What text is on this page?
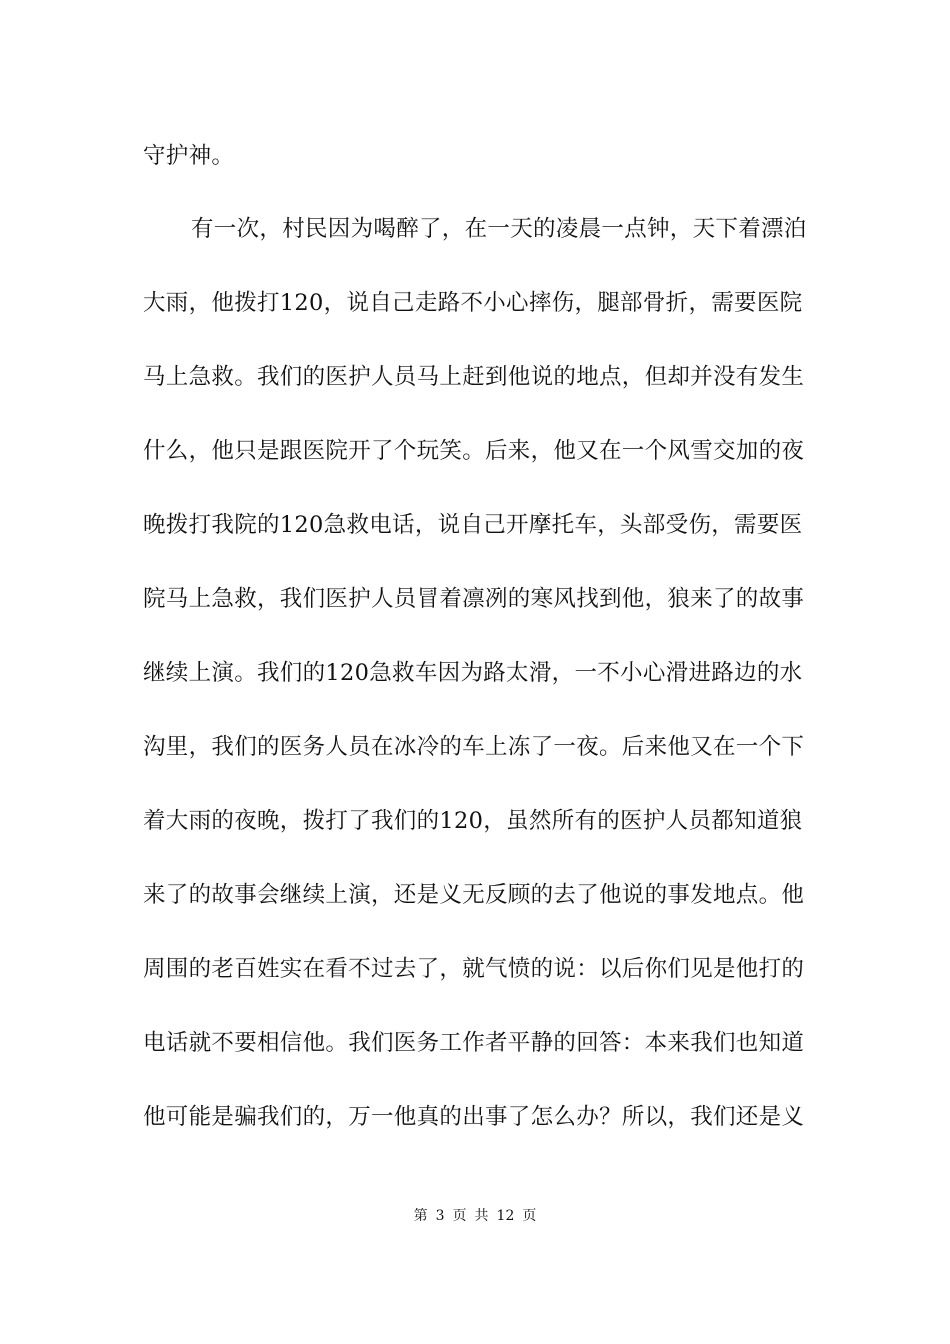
守护神。
有一次，村民因为喝醉了，在一天的凌晨一点钟，天下着漂泊
大雨，他拨打120，说自己走路不小心摔伤，腿部骨折，需要医院
马上急救。我们的医护人员马上赶到他说的地点，但却并没有发生
什么，他只是跟医院开了个玩笑。后来，他又在一个风雪交加的夜
晚拨打我院的120急救电话，说自己开摩托车，头部受伤，需要医
院马上急救，我们医护人员冒着凛冽的寒风找到他，狼来了的故事
继续上演。我们的120急救车因为路太滑，一不小心滑进路边的水
沟里，我们的医务人员在冰冷的车上冻了一夜。后来他又在一个下
着大雨的夜晚，拨打了我们的120，虽然所有的医护人员都知道狼
来了的故事会继续上演，还是义无反顾的去了他说的事发地点。他
周围的老百姓实在看不过去了，就气愤的说：以后你们见是他打的
电话就不要相信他。我们医务工作者平静的回答：本来我们也知道
他可能是骗我们的，万一他真的出事了怎么办？所以，我们还是义
第 3 页 共 12 页
